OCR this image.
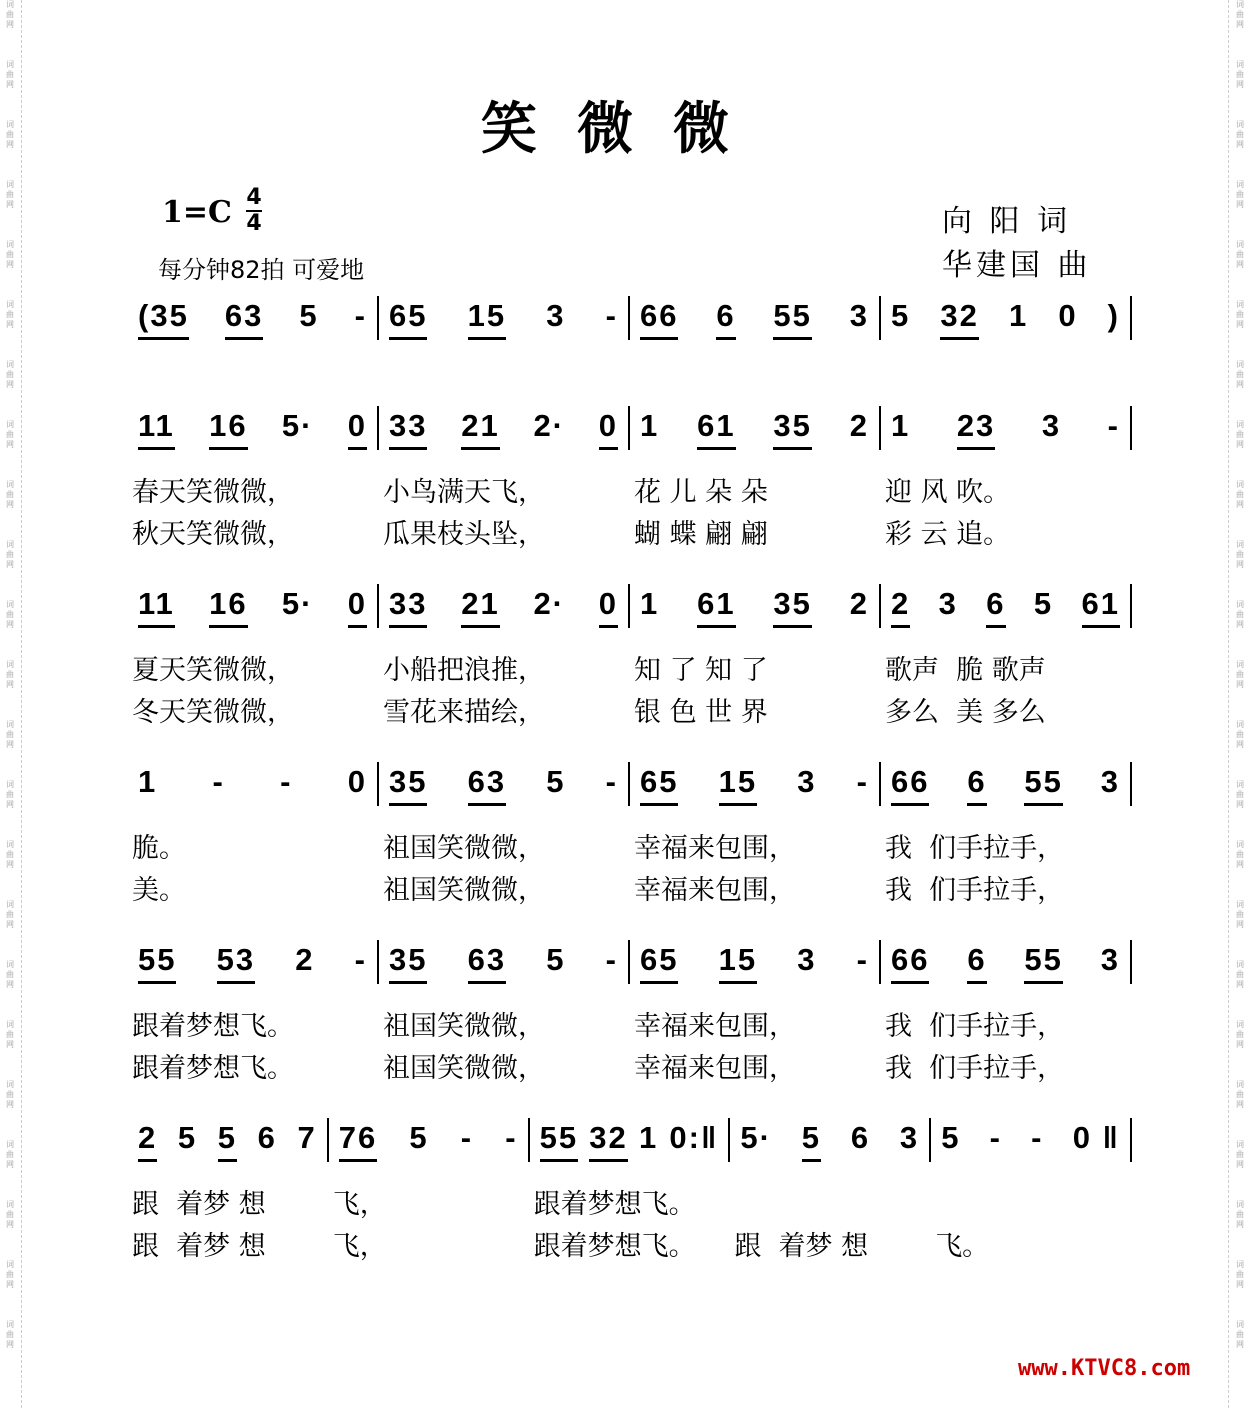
词
曲
网
词
曲
网
词
曲
网
词
曲
网
词
曲
网
词
曲
网
词
曲
网
词
曲
网
词
曲
网
词
曲
网
词
曲
网
词
曲
网
词
曲
网
词
曲
网
词
曲
网
词
曲
网
词
曲
网
词
曲
网
词
曲
网
词
曲
网
词
曲
网
词
曲
网
词
曲
网
词
曲
网
词
曲
网
词
曲
网
词
曲
网
词
曲
网
词
曲
网
词
曲
网
词
曲
网
词
曲
网
词
曲
网
词
曲
网
词
曲
网
词
曲
网
词
曲
网
词
曲
网
词
曲
网
词
曲
网
词
曲
网
词
曲
网
词
曲
网
词
曲
网
词
曲
网
词
曲
网
笑微微
1=C 4
4
每分钟82拍 可爱地
向 阳 词
华建国 曲
(35 63 5 - 65 15 3 - 66 6 55 3 5 32 1 0 )
11 16 5· 0 33 21 2· 0 1 61 35 2 1 23 3 -
春天笑微微，	小鸟满天飞，	花 儿 朵 朵	迎 风 吹。
秋天笑微微，	瓜果枝头坠，	蝴 蝶 翩 翩	彩 云 追。
11 16 5· 0 33 21 2· 0 1 61 35 2 2 3 6 5 61
夏天笑微微，	小船把浪推，	知 了 知 了	歌声  脆 歌声
冬天笑微微，	雪花来描绘，	银 色 世 界	多么  美 多么
1 - - 0 35 63 5 - 65 15 3 - 66 6 55 3
脆。	祖国笑微微，	幸福来包围，	我  们手拉手，
美。	祖国笑微微，	幸福来包围，	我  们手拉手，
55 53 2 - 35 63 5 - 65 15 3 - 66 6 55 3
跟着梦想飞。	祖国笑微微，	幸福来包围，	我  们手拉手，
跟着梦想飞。	祖国笑微微，	幸福来包围，	我  们手拉手，
2 5 5 6 7 76 5 - - 55 32 1 0:‖ 5· 5 6 3 5 - - 0 ‖
跟  着梦 想	飞，	跟着梦想飞。
跟  着梦 想	飞，	跟着梦想飞。	跟  着梦 想	飞。
www.KTVC8.com
